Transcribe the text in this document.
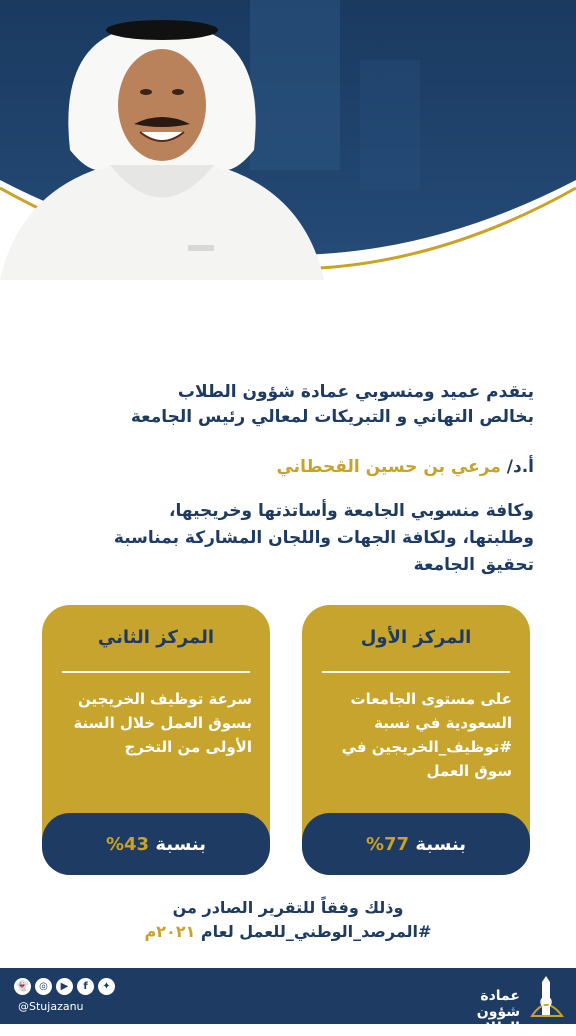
يتقدم عميد ومنسوبي عمادة شؤون الطلاب
بخالص التهاني و التبريكات لمعالي رئيس الجامعة
أ.د/ مرعي بن حسين القحطاني
وكافة منسوبي الجامعة وأساتذتها وخريجيها،
وطلبتها، ولكافة الجهات واللجان المشاركة بمناسبة
تحقيق الجامعة
المركز الأول
على مستوى الجامعات السعودية في نسبة #توظيف_الخريجين في سوق العمل
بنسبة 77%
المركز الثاني
سرعة توظيف الخريجين بسوق العمل خلال السنة الأولى من التخرج
بنسبة 43%
وذلك وفقاً للتقرير الصادر من
#المرصد_الوطني_للعمل لعام ٢٠٢١م
👻	◎	▶	f	✦
@Stujazanu
عمادة شؤون الطلاب
